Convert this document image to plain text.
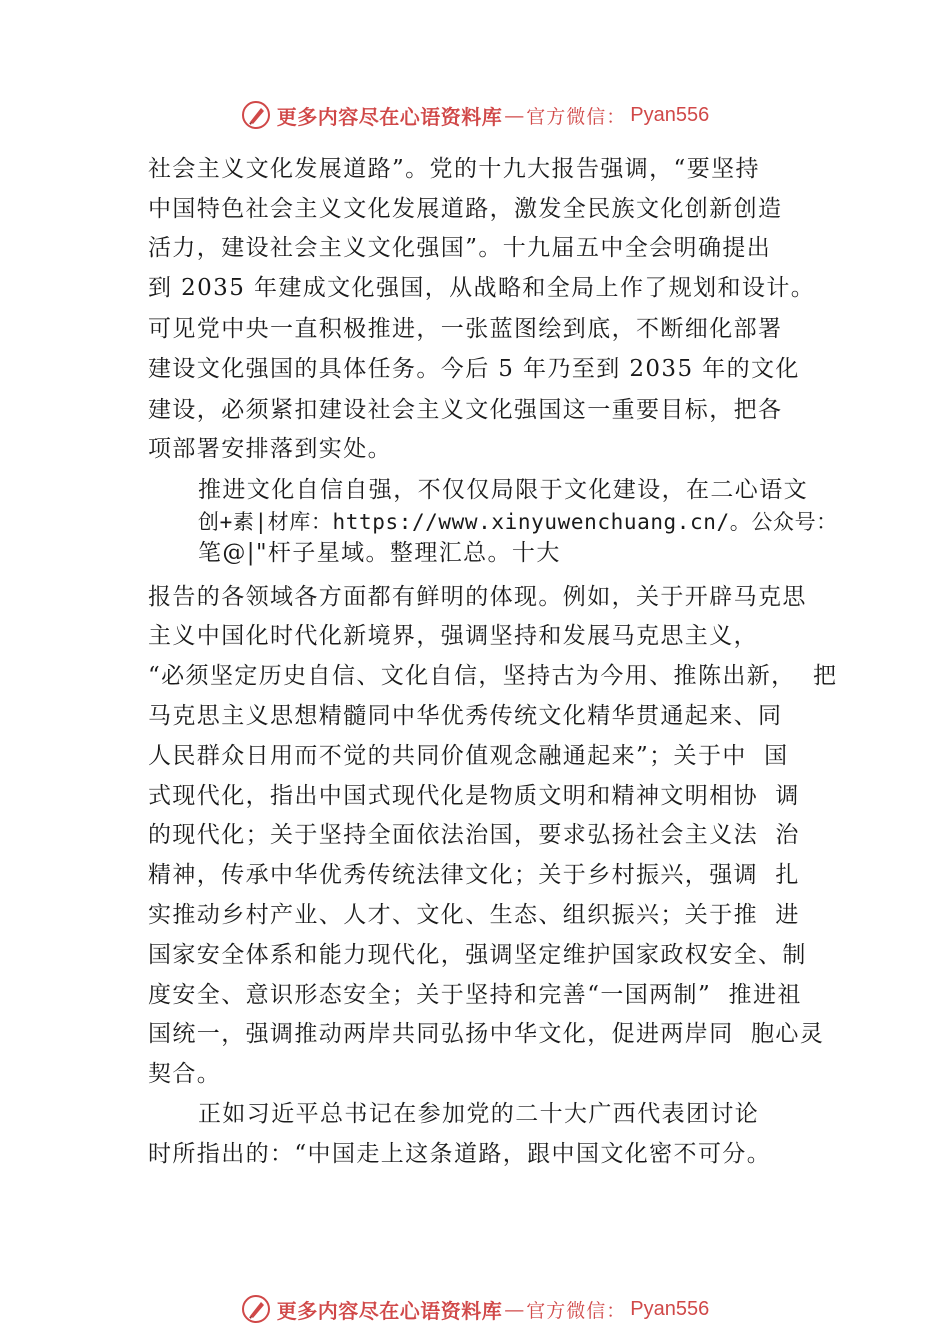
更多内容尽在心语资料库 — 官方微信： Pyan556
社会主义文化发展道路”。党的十九大报告强调，“要坚持
中国特色社会主义文化发展道路，激发全民族文化创新创造
活力，建设社会主义文化强国”。十九届五中全会明确提出
到 2035 年建成文化强国，从战略和全局上作了规划和设计。
可见党中央一直积极推进，一张蓝图绘到底，不断细化部署
建设文化强国的具体任务。今后 5 年乃至到 2035 年的文化
建设，必须紧扣建设社会主义文化强国这一重要目标，把各
项部署安排落到实处。
推进文化自信自强，不仅仅局限于文化建设，在二心语文
创+素|材库：https://www.xinyuwenchuang.cn/。公众号：
笔@|"杆子星域。整理汇总。十大
报告的各领域各方面都有鲜明的体现。例如，关于开辟马克思
主义中国化时代化新境界，强调坚持和发展马克思主义，
“必须坚定历史自信、文化自信，坚持古为今用、推陈出新，  把
马克思主义思想精髓同中华优秀传统文化精华贯通起来、同
人民群众日用而不觉的共同价值观念融通起来”；关于中  国
式现代化，指出中国式现代化是物质文明和精神文明相协  调
的现代化；关于坚持全面依法治国，要求弘扬社会主义法  治
精神，传承中华优秀传统法律文化；关于乡村振兴，强调  扎
实推动乡村产业、人才、文化、生态、组织振兴；关于推  进
国家安全体系和能力现代化，强调坚定维护国家政权安全、制
度安全、意识形态安全；关于坚持和完善“一国两制”  推进祖
国统一，强调推动两岸共同弘扬中华文化，促进两岸同  胞心灵
契合。
正如习近平总书记在参加党的二十大广西代表团讨论
时所指出的：“中国走上这条道路，跟中国文化密不可分。
更多内容尽在心语资料库 — 官方微信： Pyan556
